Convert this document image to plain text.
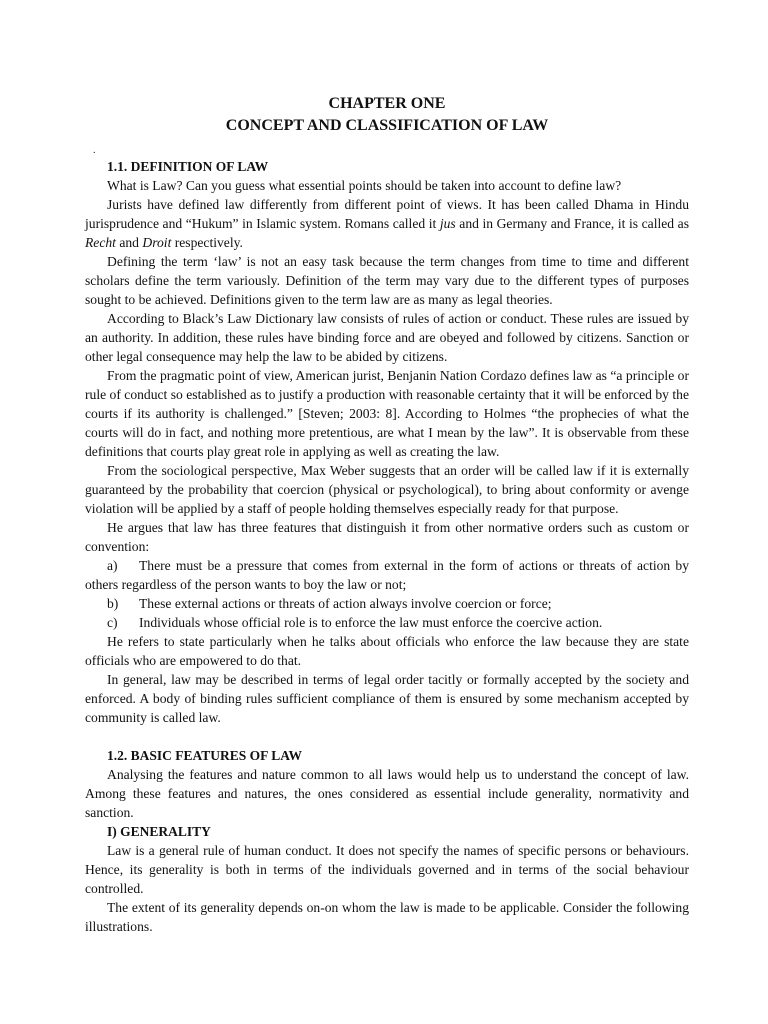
CHAPTER ONE
CONCEPT AND CLASSIFICATION OF LAW
.
1.1. DEFINITION OF LAW

What is Law? Can you guess what essential points should be taken into account to define law?

Jurists have defined law differently from different point of views. It has been called Dhama in Hindu jurisprudence and “Hukum” in Islamic system. Romans called it jus and in Germany and France, it is called as Recht and Droit respectively.

Defining the term ‘law’ is not an easy task because the term changes from time to time and different scholars define the term variously. Definition of the term may vary due to the different types of purposes sought to be achieved. Definitions given to the term law are as many as legal theories.

According to Black’s Law Dictionary law consists of rules of action or conduct. These rules are issued by an authority. In addition, these rules have binding force and are obeyed and followed by citizens. Sanction or other legal consequence may help the law to be abided by citizens.

From the pragmatic point of view, American jurist, Benjanin Nation Cordazo defines law as “a principle or rule of conduct so established as to justify a production with reasonable certainty that it will be enforced by the courts if its authority is challenged.” [Steven; 2003: 8]. According to Holmes “the prophecies of what the courts will do in fact, and nothing more pretentious, are what I mean by the law”. It is observable from these definitions that courts play great role in applying as well as creating the law.

From the sociological perspective, Max Weber suggests that an order will be called law if it is externally guaranteed by the probability that coercion (physical or psychological), to bring about conformity or avenge violation will be applied by a staff of people holding themselves especially ready for that purpose.

He argues that law has three features that distinguish it from other normative orders such as custom or convention:

a) There must be a pressure that comes from external in the form of actions or threats of action by others regardless of the person wants to boy the law or not;
b) These external actions or threats of action always involve coercion or force;
c) Individuals whose official role is to enforce the law must enforce the coercive action.

He refers to state particularly when he talks about officials who enforce the law because they are state officials who are empowered to do that.

In general, law may be described in terms of legal order tacitly or formally accepted by the society and enforced. A body of binding rules sufficient compliance of them is ensured by some mechanism accepted by community is called law.

1.2. BASIC FEATURES OF LAW

Analysing the features and nature common to all laws would help us to understand the concept of law. Among these features and natures, the ones considered as essential include generality, normativity and sanction.

I) GENERALITY

Law is a general rule of human conduct. It does not specify the names of specific persons or behaviours. Hence, its generality is both in terms of the individuals governed and in terms of the social behaviour controlled.

The extent of its generality depends on-on whom the law is made to be applicable. Consider the following illustrations.
